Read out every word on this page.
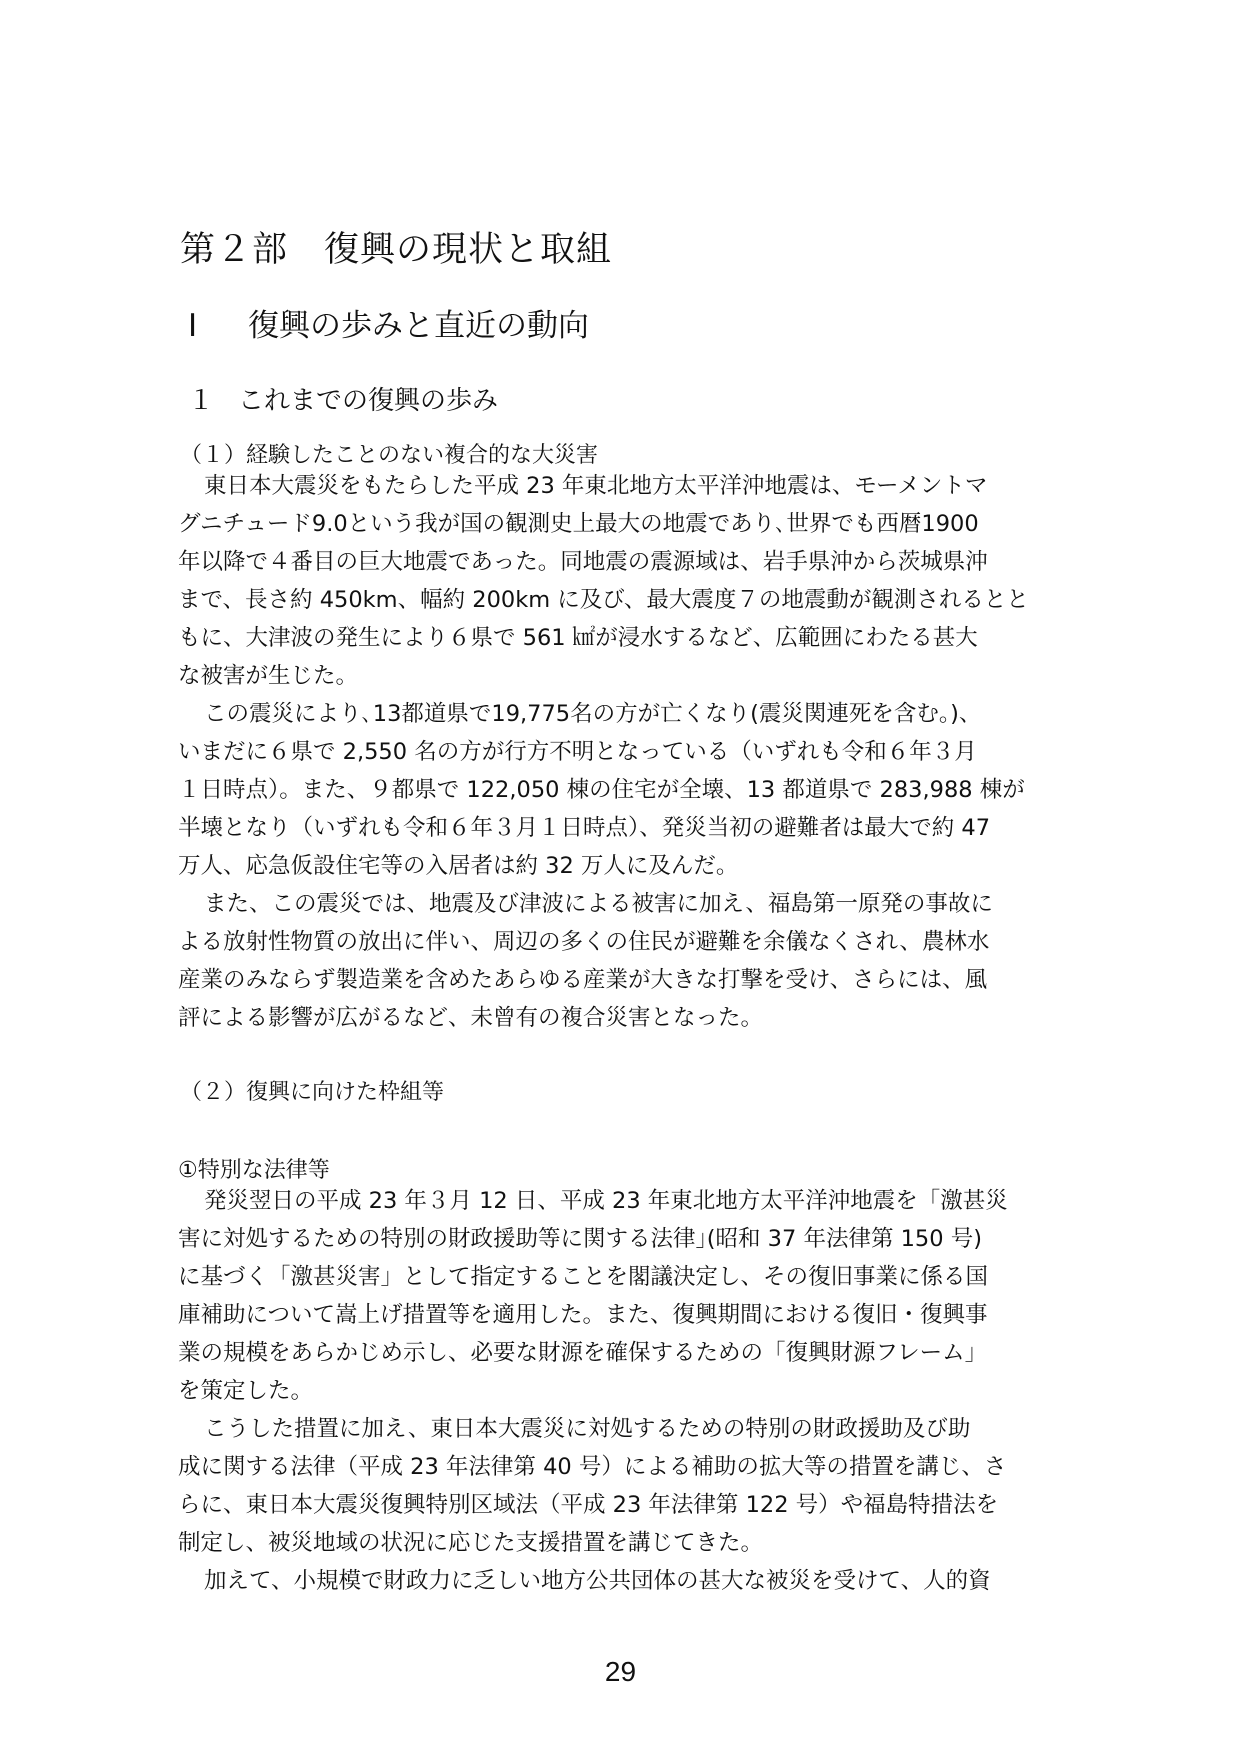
第２部　復興の現状と取組
Ⅰ 復興の歩みと直近の動向
１ これまでの復興の歩み
（１）経験したことのない複合的な大災害
東日本大震災をもたらした平成 23 年東北地方太平洋沖地震は、モーメントマ
グニチュード9.0という我が国の観測史上最大の地震であり､世界でも西暦1900
年以降で４番目の巨大地震であった。同地震の震源域は、岩手県沖から茨城県沖
まで、長さ約 450km、幅約 200km に及び、最大震度７の地震動が観測されるとと
もに、大津波の発生により６県で 561 ㎢が浸水するなど、広範囲にわたる甚大
な被害が生じた。
この震災により､13都道県で19,775名の方が亡くなり(震災関連死を含む｡)、
いまだに６県で 2,550 名の方が行方不明となっている（いずれも令和６年３月
１日時点）。また、９都県で 122,050 棟の住宅が全壊、13 都道県で 283,988 棟が
半壊となり（いずれも令和６年３月１日時点）、発災当初の避難者は最大で約 47
万人、応急仮設住宅等の入居者は約 32 万人に及んだ。
また、この震災では、地震及び津波による被害に加え、福島第一原発の事故に
よる放射性物質の放出に伴い、周辺の多くの住民が避難を余儀なくされ、農林水
産業のみならず製造業を含めたあらゆる産業が大きな打撃を受け、さらには、風
評による影響が広がるなど、未曾有の複合災害となった。
（２）復興に向けた枠組等
①特別な法律等
発災翌日の平成 23 年３月 12 日、平成 23 年東北地方太平洋沖地震を「激甚災
害に対処するための特別の財政援助等に関する法律｣(昭和 37 年法律第 150 号)
に基づく「激甚災害」として指定することを閣議決定し、その復旧事業に係る国
庫補助について嵩上げ措置等を適用した。また、復興期間における復旧・復興事
業の規模をあらかじめ示し、必要な財源を確保するための「復興財源フレーム」
を策定した。
こうした措置に加え、東日本大震災に対処するための特別の財政援助及び助
成に関する法律（平成 23 年法律第 40 号）による補助の拡大等の措置を講じ、さ
らに、東日本大震災復興特別区域法（平成 23 年法律第 122 号）や福島特措法を
制定し、被災地域の状況に応じた支援措置を講じてきた。
加えて、小規模で財政力に乏しい地方公共団体の甚大な被災を受けて、人的資
29
